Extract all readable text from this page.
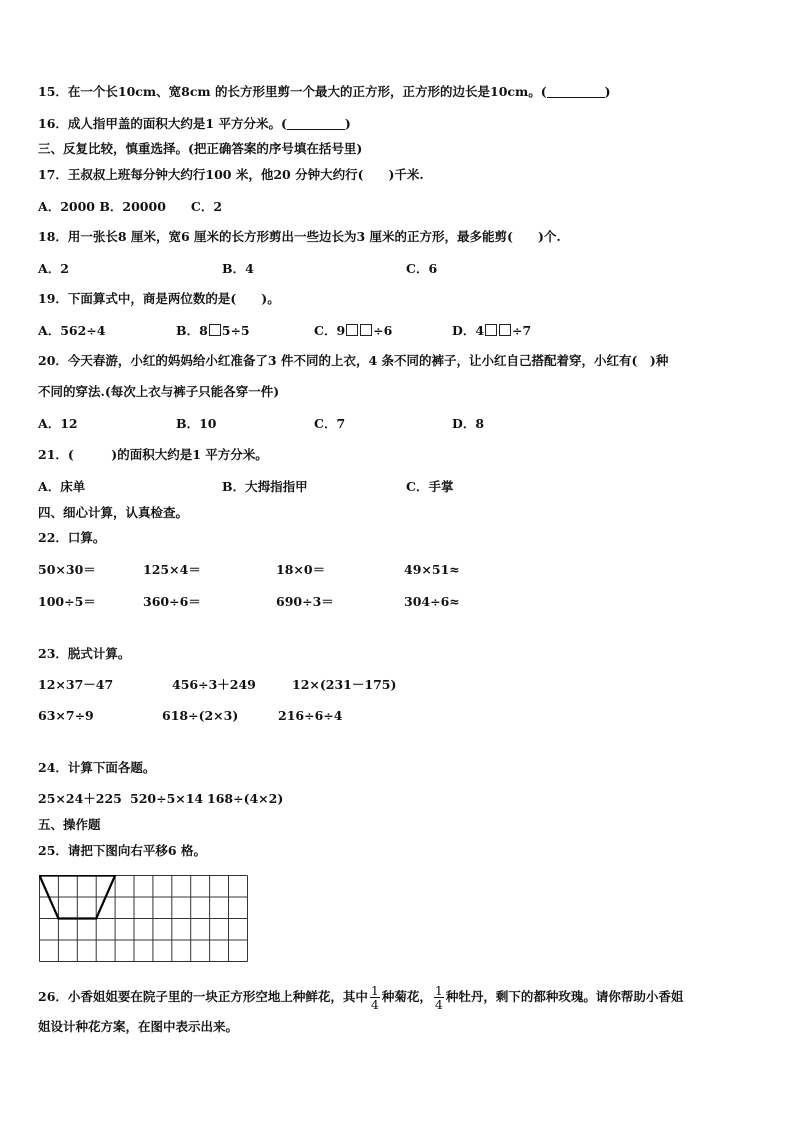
15．在一个长10cm、宽8cm 的长方形里剪一个最大的正方形，正方形的边长是10cm。(	)
16．成人指甲盖的面积大约是1 平方分米。(	)
三、反复比较，慎重选择。(把正确答案的序号填在括号里)
17．王叔叔上班每分钟大约行100 米，他20 分钟大约行(　　)千米.
A．2000 B．20000　　C．2
18．用一张长8 厘米，宽6 厘米的长方形剪出一些边长为3 厘米的正方形，最多能剪(　　)个.
A．2	B．4	C．6
19．下面算式中，商是两位数的是(　　)。
A．562÷4	B．8 5÷5	C．9 ÷6	D．4 ÷7
20．今天春游，小红的妈妈给小红准备了3 件不同的上衣，4 条不同的裤子，让小红自己搭配着穿，小红有(　)种
不同的穿法.(每次上衣与裤子只能各穿一件)
A．12	B．10	C．7	D．8
21．(　　　)的面积大约是1 平方分米。
A．床单	B．大拇指指甲	C．手掌
四、细心计算，认真检查。
22．口算。
50×30＝	125×4＝	18×0＝	49×51≈
100÷5＝	360÷6＝	690÷3＝	304÷6≈
23．脱式计算。
12×37－47	456÷3＋249	12×(231－175)
63×7÷9	618÷(2×3)	216÷6÷4
24．计算下面各题。
25×24＋225 520÷5×14 168÷(4×2)
五、操作题
25．请把下图向右平移6 格。
26．小香姐姐要在院子里的一块正方形空地上种鲜花，其中 $\frac{1}{4}$ 种菊花， $\frac{1}{4}$ 种牡丹，剩下的都种玫瑰。请你帮助小香姐
姐设计种花方案，在图中表示出来。
